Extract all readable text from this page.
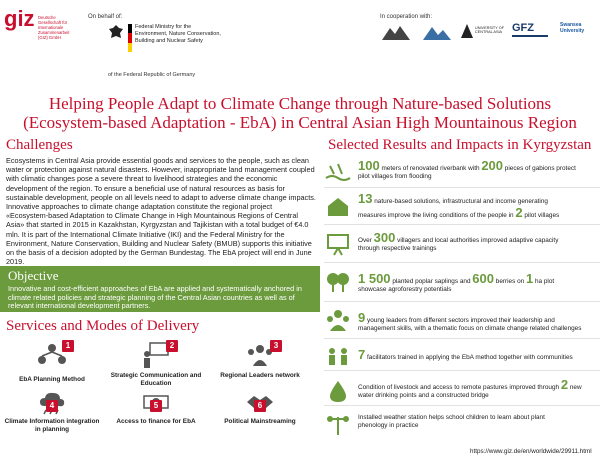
giz Deutsche Gesellschaft für Internationale Zusammenarbeit (GIZ) GmbH
On behalf of:
Federal Ministry for the
Environment, Nature Conservation,
Building and Nuclear Safety
of the Federal Republic of Germany
In cooperation with:
UNIVERSITY OF CENTRAL ASIA GFZ	Swansea University
Helping People Adapt to Climate Change through Nature-based Solutions
(Ecosystem-based Adaptation - EbA) in Central Asian High Mountainous Region
Challenges
Ecosystems in Central Asia provide essential goods and services to the people, such as clean water or protection against natural disasters. However, inappropriate land management coupled with climatic changes pose a severe threat to livelihood strategies and the economic development of the region. To ensure a beneficial use of natural resources as basis for sustainable development, people on all levels need to adapt to adverse climate change impacts. Innovative approaches to climate change adaptation constitute the regional project «Ecosystem-based Adaptation to Climate Change in High Mountainous Regions of Central Asia» that started in 2015 in Kazakhstan, Kyrgyzstan and Tajikistan with a total budget of €4.0 mln. It is part of the International Climate Initiative (IKI) and the Federal Ministry for the Environment, Nature Conservation, Building and Nuclear Safety (BMUB) supports this initiative on the basis of a decision adopted by the German Bundestag. The EbA project will end in June 2019.
Objective
Innovative and cost-efficient approaches of EbA are applied and systematically anchored in climate related policies and strategic planning of the Central Asian countries as well as of relevant international development partners.
Services and Modes of Delivery
1
EbA Planning Method
2
Strategic Communication and Education
3
Regional Leaders network
4
Climate Information integration in planning
5
Access to finance for EbA
6
Political Mainstreaming
Selected Results and Impacts in Kyrgyzstan
100 meters of renovated riverbank with 200 pieces of gabions protect
pilot villages from flooding
13 nature-based solutions, infrastructural and income generating
measures improve the living conditions of the people in 2 pilot villages
Over 300 villagers and local authorities improved adaptive capacity
through respective trainings
1 500 planted poplar saplings and 600 berries on 1 ha plot
showcase agroforestry potentials
9 young leaders from different sectors improved their leadership and
management skills, with a thematic focus on climate change related challenges
7 facilitators trained in applying the EbA method together with communities
Condition of livestock and access to remote pastures improved through 2 new
water drinking points and a constructed bridge
Installed weather station helps school children to learn about plant
phenology in practice
https://www.giz.de/en/worldwide/29911.html
